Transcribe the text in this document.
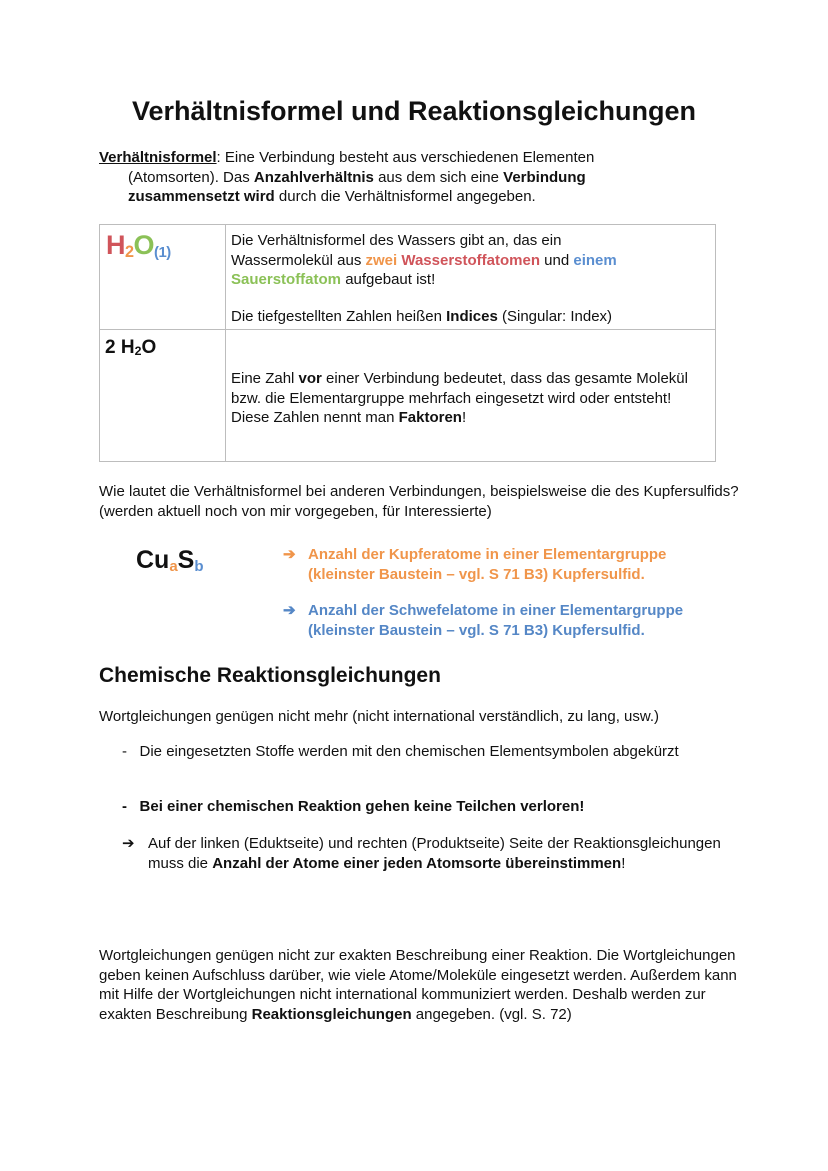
Verhältnisformel und Reaktionsgleichungen
Verhältnisformel: Eine Verbindung besteht aus verschiedenen Elementen
(Atomsorten). Das Anzahlverhältnis aus dem sich eine Verbindung
zusammensetzt wird durch die Verhältnisformel angegeben.
$H_2O_{(1)}$
Die Verhältnisformel des Wassers gibt an, das ein
Wassermolekül aus zwei Wasserstoffatomen und einem
Sauerstoffatom aufgebaut ist!
Die tiefgestellten Zahlen heißen Indices (Singular: Index)
2 $H_2O$
Eine Zahl vor einer Verbindung bedeutet, dass das gesamte Molekül bzw. die Elementargruppe mehrfach eingesetzt wird oder entsteht! Diese Zahlen nennt man Faktoren!
Wie lautet die Verhältnisformel bei anderen Verbindungen, beispielsweise die des Kupfersulfids? (werden aktuell noch von mir vorgegeben, für Interessierte)
$Cu_aS_b$
➔ Anzahl der Kupferatome in einer Elementargruppe (kleinster Baustein – vgl. S 71 B3) Kupfersulfid.
➔ Anzahl der Schwefelatome in einer Elementargruppe (kleinster Baustein – vgl. S 71 B3) Kupfersulfid.
Chemische Reaktionsgleichungen
Wortgleichungen genügen nicht mehr (nicht international verständlich, zu lang, usw.)
- Die eingesetzten Stoffe werden mit den chemischen Elementsymbolen abgekürzt
- Bei einer chemischen Reaktion gehen keine Teilchen verloren!
➔ Auf der linken (Eduktseite) und rechten (Produktseite) Seite der Reaktionsgleichungen muss die Anzahl der Atome einer jeden Atomsorte übereinstimmen!
Wortgleichungen genügen nicht zur exakten Beschreibung einer Reaktion. Die Wortgleichungen geben keinen Aufschluss darüber, wie viele Atome/Moleküle eingesetzt werden. Außerdem kann mit Hilfe der Wortgleichungen nicht international kommuniziert werden. Deshalb werden zur exakten Beschreibung Reaktionsgleichungen angegeben. (vgl. S. 72)
